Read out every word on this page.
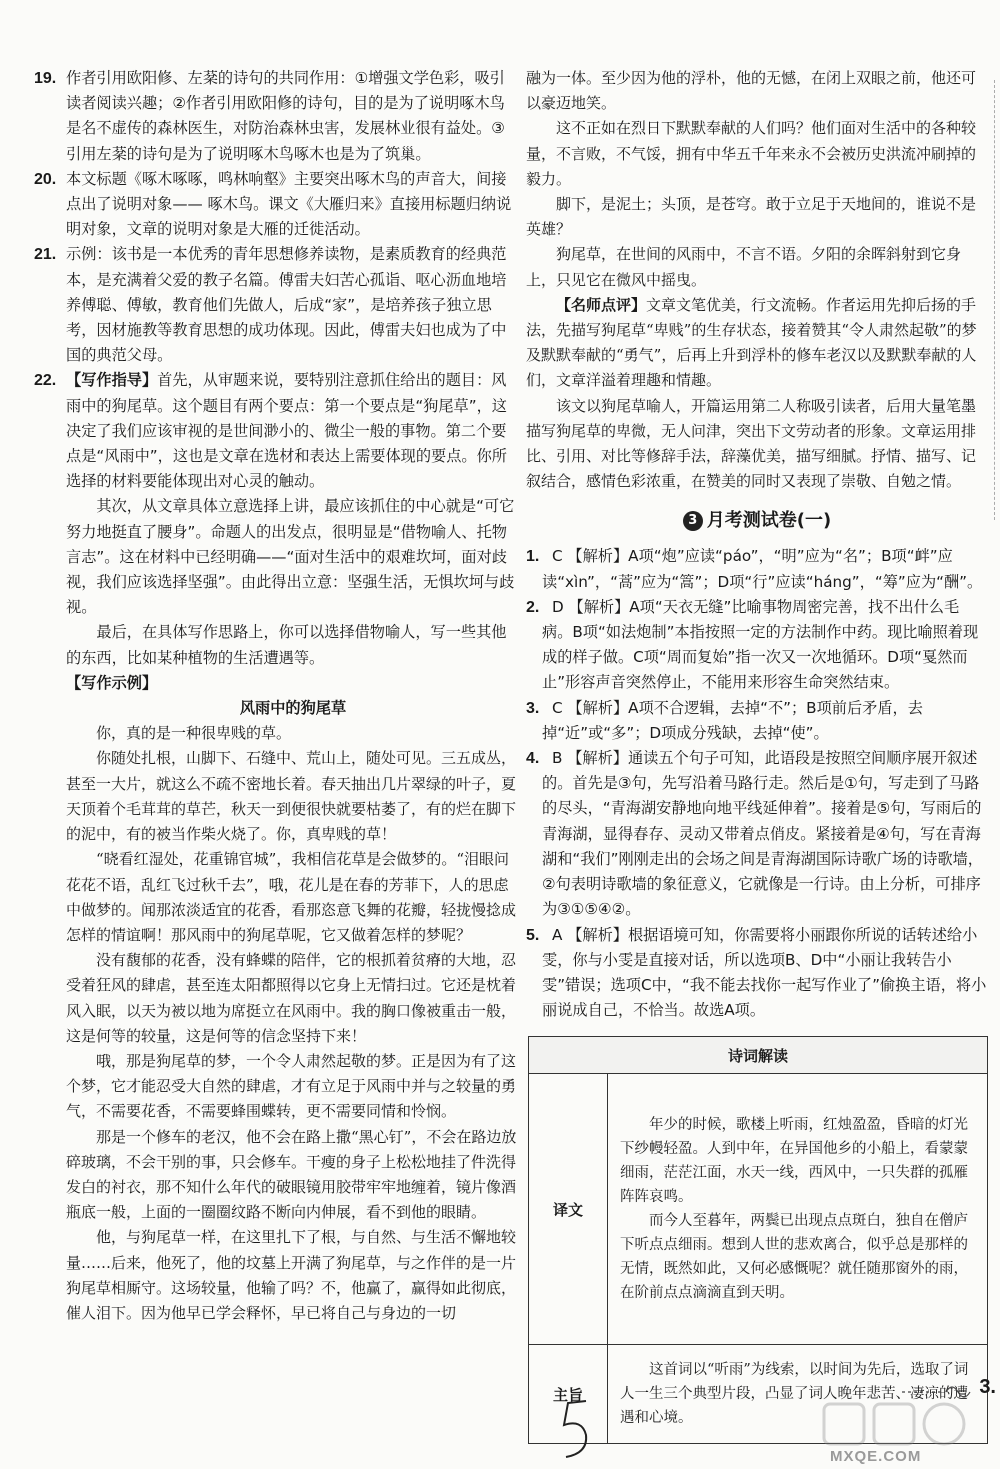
19. 作者引用欧阳修、左棻的诗句的共同作用：①增强文学色彩，吸引读者阅读兴趣；②作者引用欧阳修的诗句，目的是为了说明啄木鸟是名不虚传的森林医生，对防治森林虫害，发展林业很有益处。③引用左棻的诗句是为了说明啄木鸟啄木也是为了筑巢。

20. 本文标题《啄木啄啄，鸣林响壑》主要突出啄木鸟的声音大，间接点出了说明对象—— 啄木鸟。课文《大雁归来》直接用标题归纳说明对象，文章的说明对象是大雁的迁徙活动。

21. 示例：该书是一本优秀的青年思想修养读物，是素质教育的经典范本，是充满着父爱的教子名篇。傅雷夫妇苦心孤诣、呕心沥血地培养傅聪、傅敏，教育他们先做人，后成“家”，是培养孩子独立思考，因材施教等教育思想的成功体现。因此，傅雷夫妇也成为了中国的典范父母。

22. 【写作指导】首先，从审题来说，要特别注意抓住给出的题目：风雨中的狗尾草。这个题目有两个要点：第一个要点是“狗尾草”，这决定了我们应该审视的是世间渺小的、微尘一般的事物。第二个要点是“风雨中”，这也是文章在选材和表达上需要体现的要点。你所选择的材料要能体现出对心灵的触动。

其次，从文章具体立意选择上讲，最应该抓住的中心就是“可它努力地挺直了腰身”。命题人的出发点，很明显是“借物喻人、托物言志”。这在材料中已经明确——“面对生活中的艰难坎坷，面对歧视，我们应该选择坚强”。由此得出立意：坚强生活，无惧坎坷与歧视。

最后，在具体写作思路上，你可以选择借物喻人，写一些其他的东西，比如某种植物的生活遭遇等。

【写作示例】

风雨中的狗尾草

你，真的是一种很卑贱的草。

你随处扎根，山脚下、石缝中、荒山上，随处可见。三五成丛，甚至一大片，就这么不疏不密地长着。春天抽出几片翠绿的叶子，夏天顶着个毛茸茸的草芒，秋天一到便很快就要枯萎了，有的烂在脚下的泥中，有的被当作柴火烧了。你，真卑贱的草！

“晓看红湿处，花重锦官城”，我相信花草是会做梦的。“泪眼问花花不语，乱红飞过秋千去”，哦，花儿是在春的芳菲下，人的思虑中做梦的。闻那浓淡适宜的花香，看那恣意飞舞的花瓣，轻拢慢捻成怎样的情谊啊！那风雨中的狗尾草呢，它又做着怎样的梦呢？

没有馥郁的花香，没有蜂蝶的陪伴，它的根抓着贫瘠的大地，忍受着狂风的肆虐，甚至连太阳都照得以它身上无情扫过。它还是枕着风入眠，以天为被以地为席挺立在风雨中。我的胸口像被重击一般，这是何等的较量，这是何等的信念坚持下来！

哦，那是狗尾草的梦，一个令人肃然起敬的梦。正是因为有了这个梦，它才能忍受大自然的肆虐，才有立足于风雨中并与之较量的勇气，不需要花香，不需要蜂围蝶转，更不需要同情和怜悯。

那是一个修车的老汉，他不会在路上撒“黑心钉”，不会在路边放碎玻璃，不会干别的事，只会修车。干瘦的身子上松松地挂了件洗得发白的衬衣，那不知什么年代的破眼镜用胶带牢牢地缠着，镜片像酒瓶底一般，上面的一圈圈纹路不断向内伸展，看不到他的眼睛。

他，与狗尾草一样，在这里扎下了根，与自然、与生活不懈地较量……后来，他死了，他的坟墓上开满了狗尾草，与之作伴的是一片狗尾草相厮守。这场较量，他输了吗？不，他赢了，赢得如此彻底，催人泪下。因为他早已学会释怀，早已将自己与身边的一切

融为一体。至少因为他的浮朴，他的无憾，在闭上双眼之前，他还可以豪迈地笑。

这不正如在烈日下默默奉献的人们吗？他们面对生活中的各种较量，不言败，不气馁，拥有中华五千年来永不会被历史洪流冲刷掉的毅力。

脚下，是泥土；头顶，是苍穹。敢于立足于天地间的，谁说不是英雄？

狗尾草，在世间的风雨中，不言不语。夕阳的余晖斜射到它身上，只见它在微风中摇曳。

【名师点评】文章文笔优美，行文流畅。作者运用先抑后扬的手法，先描写狗尾草“卑贱”的生存状态，接着赞其“令人肃然起敬”的梦及默默奉献的“勇气”，后再上升到浮朴的修车老汉以及默默奉献的人们，文章洋溢着理趣和情趣。

该文以狗尾草喻人，开篇运用第二人称吸引读者，后用大量笔墨描写狗尾草的卑微，无人问津，突出下文劳动者的形象。文章运用排比、引用、对比等修辞手法，辞藻优美，描写细腻。抒情、描写、记叙结合，感情色彩浓重，在赞美的同时又表现了崇敬、自勉之情。

3 月考测试卷(一)

1. C 【解析】A项“炮”应读“páo”，“明”应为“名”；B项“衅”应读“xìn”，“蒿”应为“篙”；D项“行”应读“háng”，“筹”应为“酬”。

2. D 【解析】A项“天衣无缝”比喻事物周密完善，找不出什么毛病。B项“如法炮制”本指按照一定的方法制作中药。现比喻照着现成的样子做。C项“周而复始”指一次又一次地循环。D项“戛然而止”形容声音突然停止，不能用来形容生命突然结束。

3. C 【解析】A项不合逻辑，去掉“不”；B项前后矛盾，去掉“近”或“多”；D项成分残缺，去掉“使”。

4. B 【解析】通读五个句子可知，此语段是按照空间顺序展开叙述的。首先是③句，先写沿着马路行走。然后是①句，写走到了马路的尽头，“青海湖安静地向地平线延伸着”。接着是⑤句，写雨后的青海湖，显得春存、灵动又带着点俏皮。紧接着是④句，写在青海湖和“我们”刚刚走出的会场之间是青海湖国际诗歌广场的诗歌墙，②句表明诗歌墙的象征意义，它就像是一行诗。由上分析，可排序为③①⑤④②。

5. A 【解析】根据语境可知，你需要将小丽跟你所说的话转述给小雯，你与小雯是直接对话，所以选项B、D中“小丽让我转告小雯”错误；选项C中，“我不能去找你一起写作业了”偷换主语，将小丽说成自己，不恰当。故选A项。

诗词解读	
译文	年少的时候，歌楼上听雨，红烛盈盈，昏暗的灯光下纱幔轻盈。人到中年，在异国他乡的小船上，看蒙蒙细雨，茫茫江面，水天一线，西风中，一只失群的孤雁阵阵哀鸣。

而今人至暮年，两鬓已出现点点斑白，独自在僧庐下听点点细雨。想到人世的悲欢离合，似乎总是那样的无情，既然如此，又何必感慨呢？就任随那窗外的雨，在阶前点点滴滴直到天明。

主旨	这首词以“听雨”为线索，以时间为先后，选取了词人一生三个典型片段，凸显了词人晚年悲苦、凄凉的遭遇和心境。

3.
MXQE.COM
